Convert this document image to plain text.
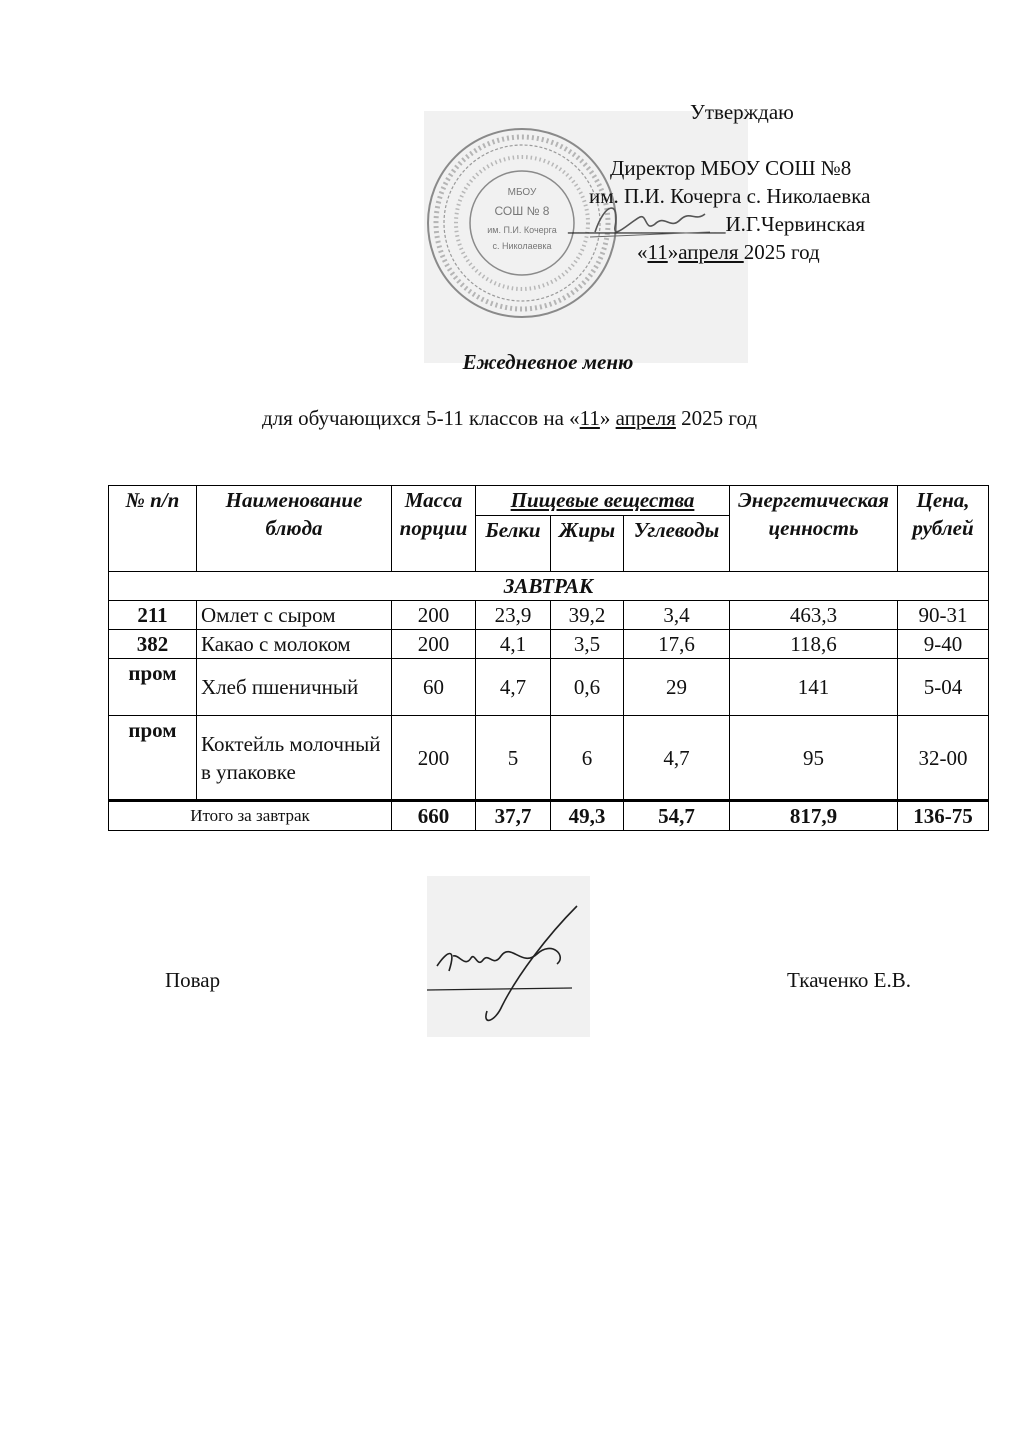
МБОУ
СОШ № 8
им. П.И. Кочерга
с. Николаевка
Утверждаю
Директор МБОУ СОШ №8
им. П.И. Кочерга с. Николаевка
_______________И.Г.Червинская
«11»апреля 2025 год
Ежедневное меню
для обучающихся 5-11 классов на «11» апреля 2025 год
№ п/п	Наименование блюда	Масса порции	Пищевые вещества			Энергетическая ценность	Цена, рублей
			Белки	Жиры	Углеводы		
ЗАВТРАК							
211	Омлет с сыром	200	23,9	39,2	3,4	463,3	90-31
382	Какао с молоком	200	4,1	3,5	17,6	118,6	9-40
пром	Хлеб пшеничный	60	4,7	0,6	29	141	5-04
пром	Коктейль молочный в упаковке	200	5	6	4,7	95	32-00
Итого за завтрак		660	37,7	49,3	54,7	817,9	136-75
Повар	Ткаченко Е.В.
